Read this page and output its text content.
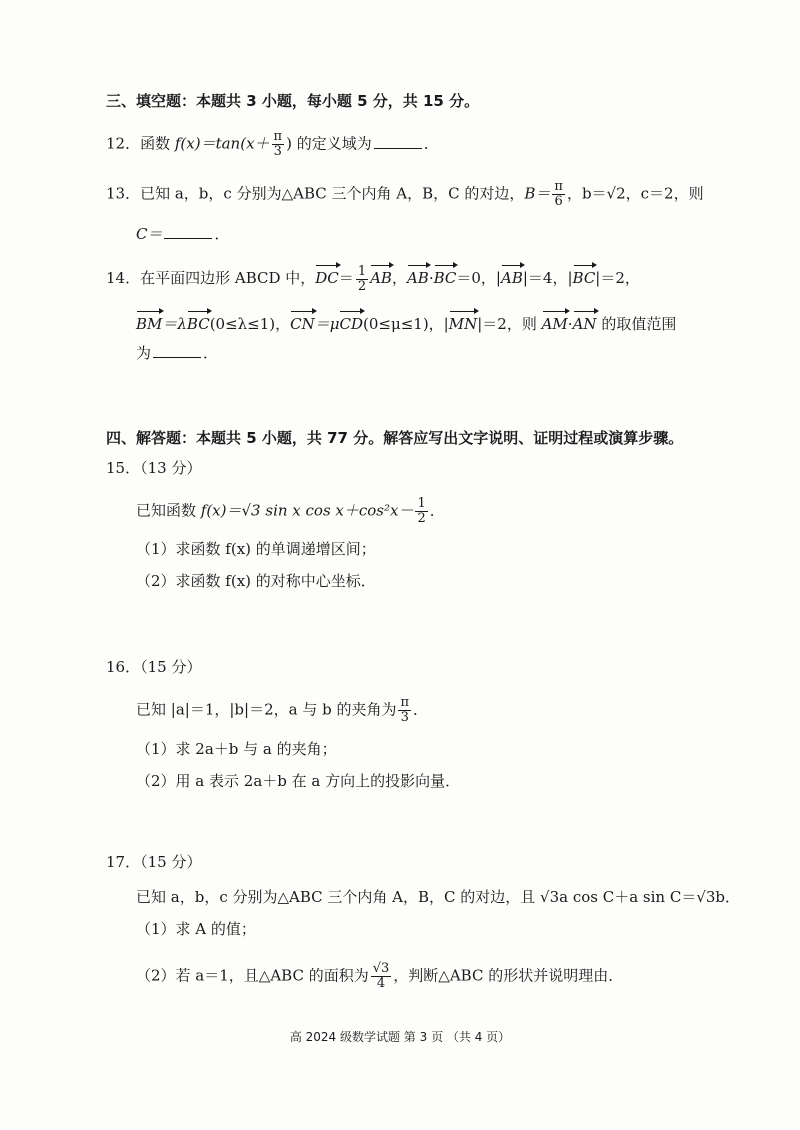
三、填空题：本题共 3 小题，每小题 5 分，共 15 分。
12．函数 $f(x)=\tan(x+ \frac{\pi}{3}$ ) 的定义域为	．
13．已知 a，b，c 分别为△ABC 三个内角 A，B，C 的对边，$B= \frac{\pi}{6}$ ，b＝√2，c＝2，则
C＝	．
14．在平面四边形 ABCD 中，$DC= \frac{1}{2}$ AB，AB·BC＝0，|AB|＝4，|BC|＝2，
BM＝λBC(0≤λ≤1)，CN＝μCD(0≤μ≤1)，|MN|＝2，则 AM·AN 的取值范围
为	．
四、解答题：本题共 5 小题，共 77 分。解答应写出文字说明、证明过程或演算步骤。
15．（13 分）
已知函数 f(x)＝√3 sin x $\cos x+\cos^2x- \frac{1}{2}$ ．
（1）求函数 f(x) 的单调递增区间；
（2）求函数 f(x) 的对称中心坐标．
16．（15 分）
已知 |a|＝1，|b|＝2，a 与 b 的夹角为 $\frac{\pi}{3}$ ．
（1）求 2a＋b 与 a 的夹角；
（2）用 a 表示 2a＋b 在 a 方向上的投影向量．
17．（15 分）
已知 a，b，c 分别为△ABC 三个内角 A，B，C 的对边，且 √3a cos C＋a sin C＝√3b．
（1）求 A 的值；
（2）若 a＝1，且△ABC 的面积为 $\frac{√3}{4}$ ，判断△ABC 的形状并说明理由．
高 2024 级数学试题 第 3 页 （共 4 页）
